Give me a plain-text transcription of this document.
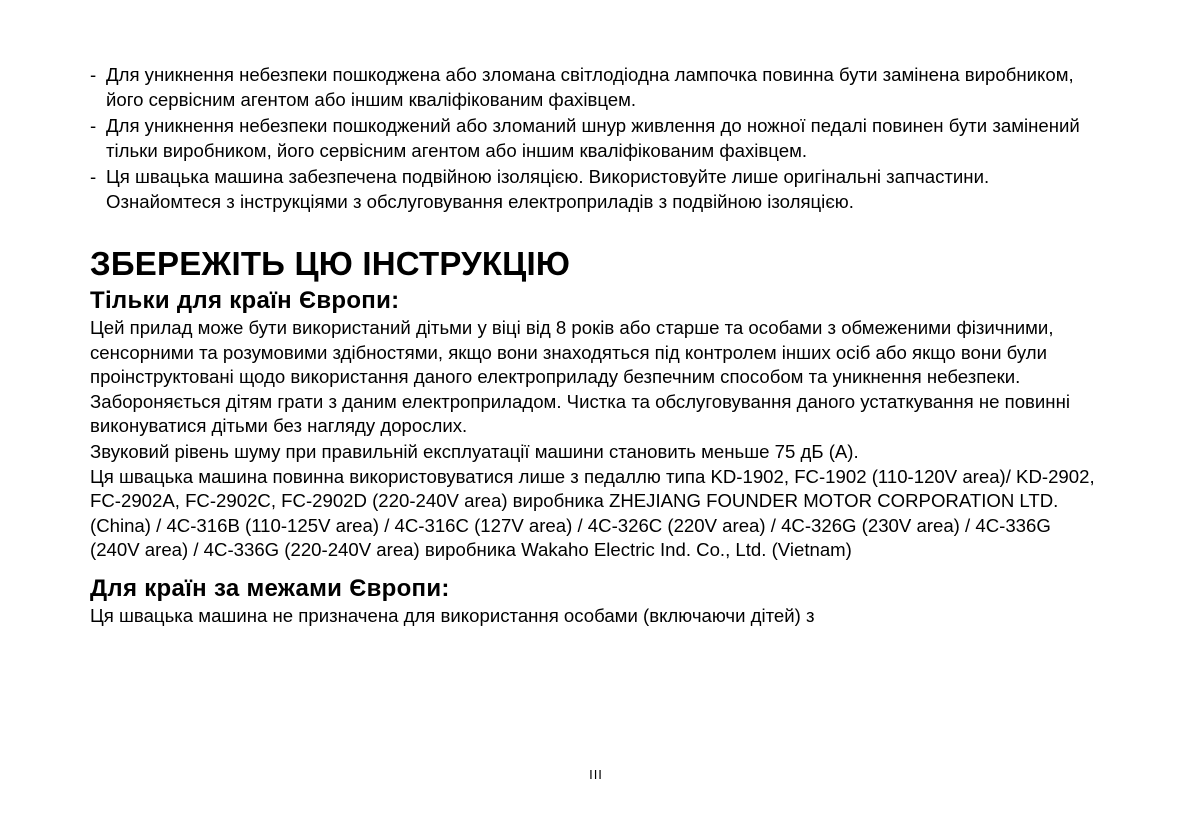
- Для уникнення небезпеки пошкоджена або зломана світлодіодна лампочка повинна бути замінена виробником, його сервісним агентом або іншим кваліфікованим фахівцем.
- Для уникнення небезпеки пошкоджений або зломаний шнур живлення до ножної педалі повинен бути замінений тільки виробником, його сервісним агентом або іншим кваліфікованим фахівцем.
- Ця швацька машина забезпечена подвійною ізоляцією. Використовуйте лише оригінальні запчастини. Ознайомтеся з інструкціями з обслуговування електроприладів з подвійною ізоляцією.
ЗБЕРЕЖІТЬ ЦЮ ІНСТРУКЦІЮ
Тільки для країн Європи:

Цей прилад може бути використаний дітьми у віці від 8 років або старше та особами з обмеженими фізичними, сенсорними та розумовими здібностями, якщо вони знаходяться під контролем інших осіб або якщо вони були проінструктовані щодо використання даного електроприладу безпечним способом та уникнення небезпеки. Забороняється дітям грати з даним електроприладом. Чистка та обслуговування даного устаткування не повинні виконуватися дітьми без нагляду дорослих.

Звуковий рівень шуму при правильній експлуатації машини становить меньше 75 дБ (A).

Ця швацька машина повинна використовуватися лише з педаллю типа KD-1902, FC-1902 (110-120V area)/ KD-2902, FC-2902A, FC-2902C, FC-2902D (220-240V area) виробника ZHEJIANG FOUNDER MOTOR CORPORATION LTD. (China) / 4C-316B (110-125V area) / 4C-316C (127V area) / 4C-326C (220V area) / 4C-326G (230V area) / 4C-336G (240V area) / 4C-336G (220-240V area) виробника Wakaho Electric Ind. Co., Ltd. (Vietnam)

Для країн за межами Європи:

Ця швацька машина не призначена для використання особами (включаючи дітей) з

III
